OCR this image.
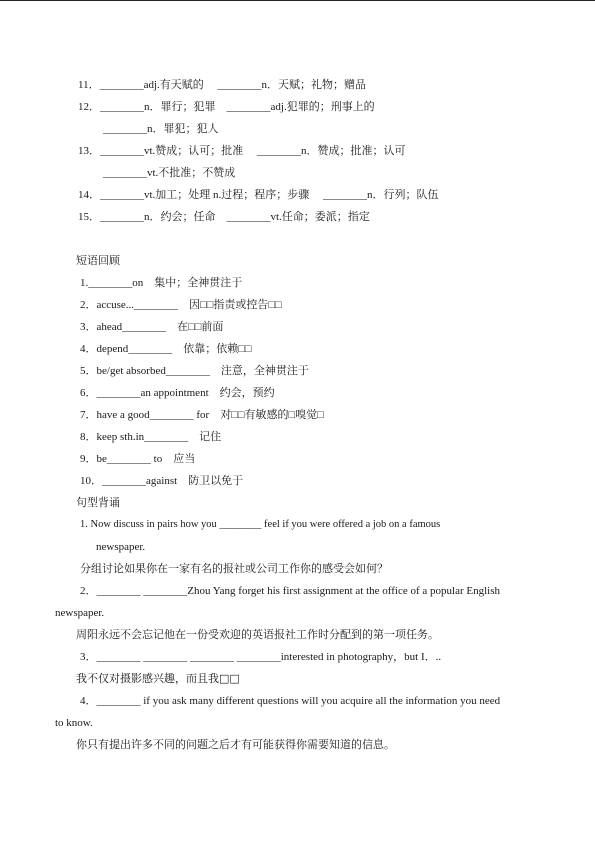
11．________adj.有天赋的　 ________n．天赋；礼物；赠品
12．________n．罪行；犯罪　________adj.犯罪的；刑事上的
________n．罪犯；犯人
13．________vt.赞成；认可；批准　 ________n．赞成；批准；认可
________vt.不批准；不赞成
14．________vt.加工；处理 n.过程；程序；步骤　 ________n．行列；队伍
15．________n．约会；任命　________vt.任命；委派；指定
短语回顾
1.________on　集中；全神贯注于
2．accuse...________　因□□指责或控告□□
3．ahead________　在□□前面
4．depend________　依靠；依赖□□
5．be/get absorbed________　注意，全神贯注于
6．________an appointment　约会，预约
7．have a good________ for　对□□有敏感的□嗅觉□
8．keep sth.in________　记住
9．be________ to　应当
10．________against　防卫以免于
句型背诵
1. Now discuss in pairs how you ________ feel if you were offered a job on a famous
newspaper.
分组讨论如果你在一家有名的报社或公司工作你的感受会如何？
2．________ ________Zhou Yang forget his first assignment at the office of a popular English
newspaper.
周阳永远不会忘记他在一份受欢迎的英语报社工作时分配到的第一项任务。
3．________ ________ ________ ________interested in photography，but I．..
我不仅对摄影感兴趣，而且我□□
4．________ if you ask many different questions will you acquire all the information you need
to know.
你只有提出许多不同的问题之后才有可能获得你需要知道的信息。
